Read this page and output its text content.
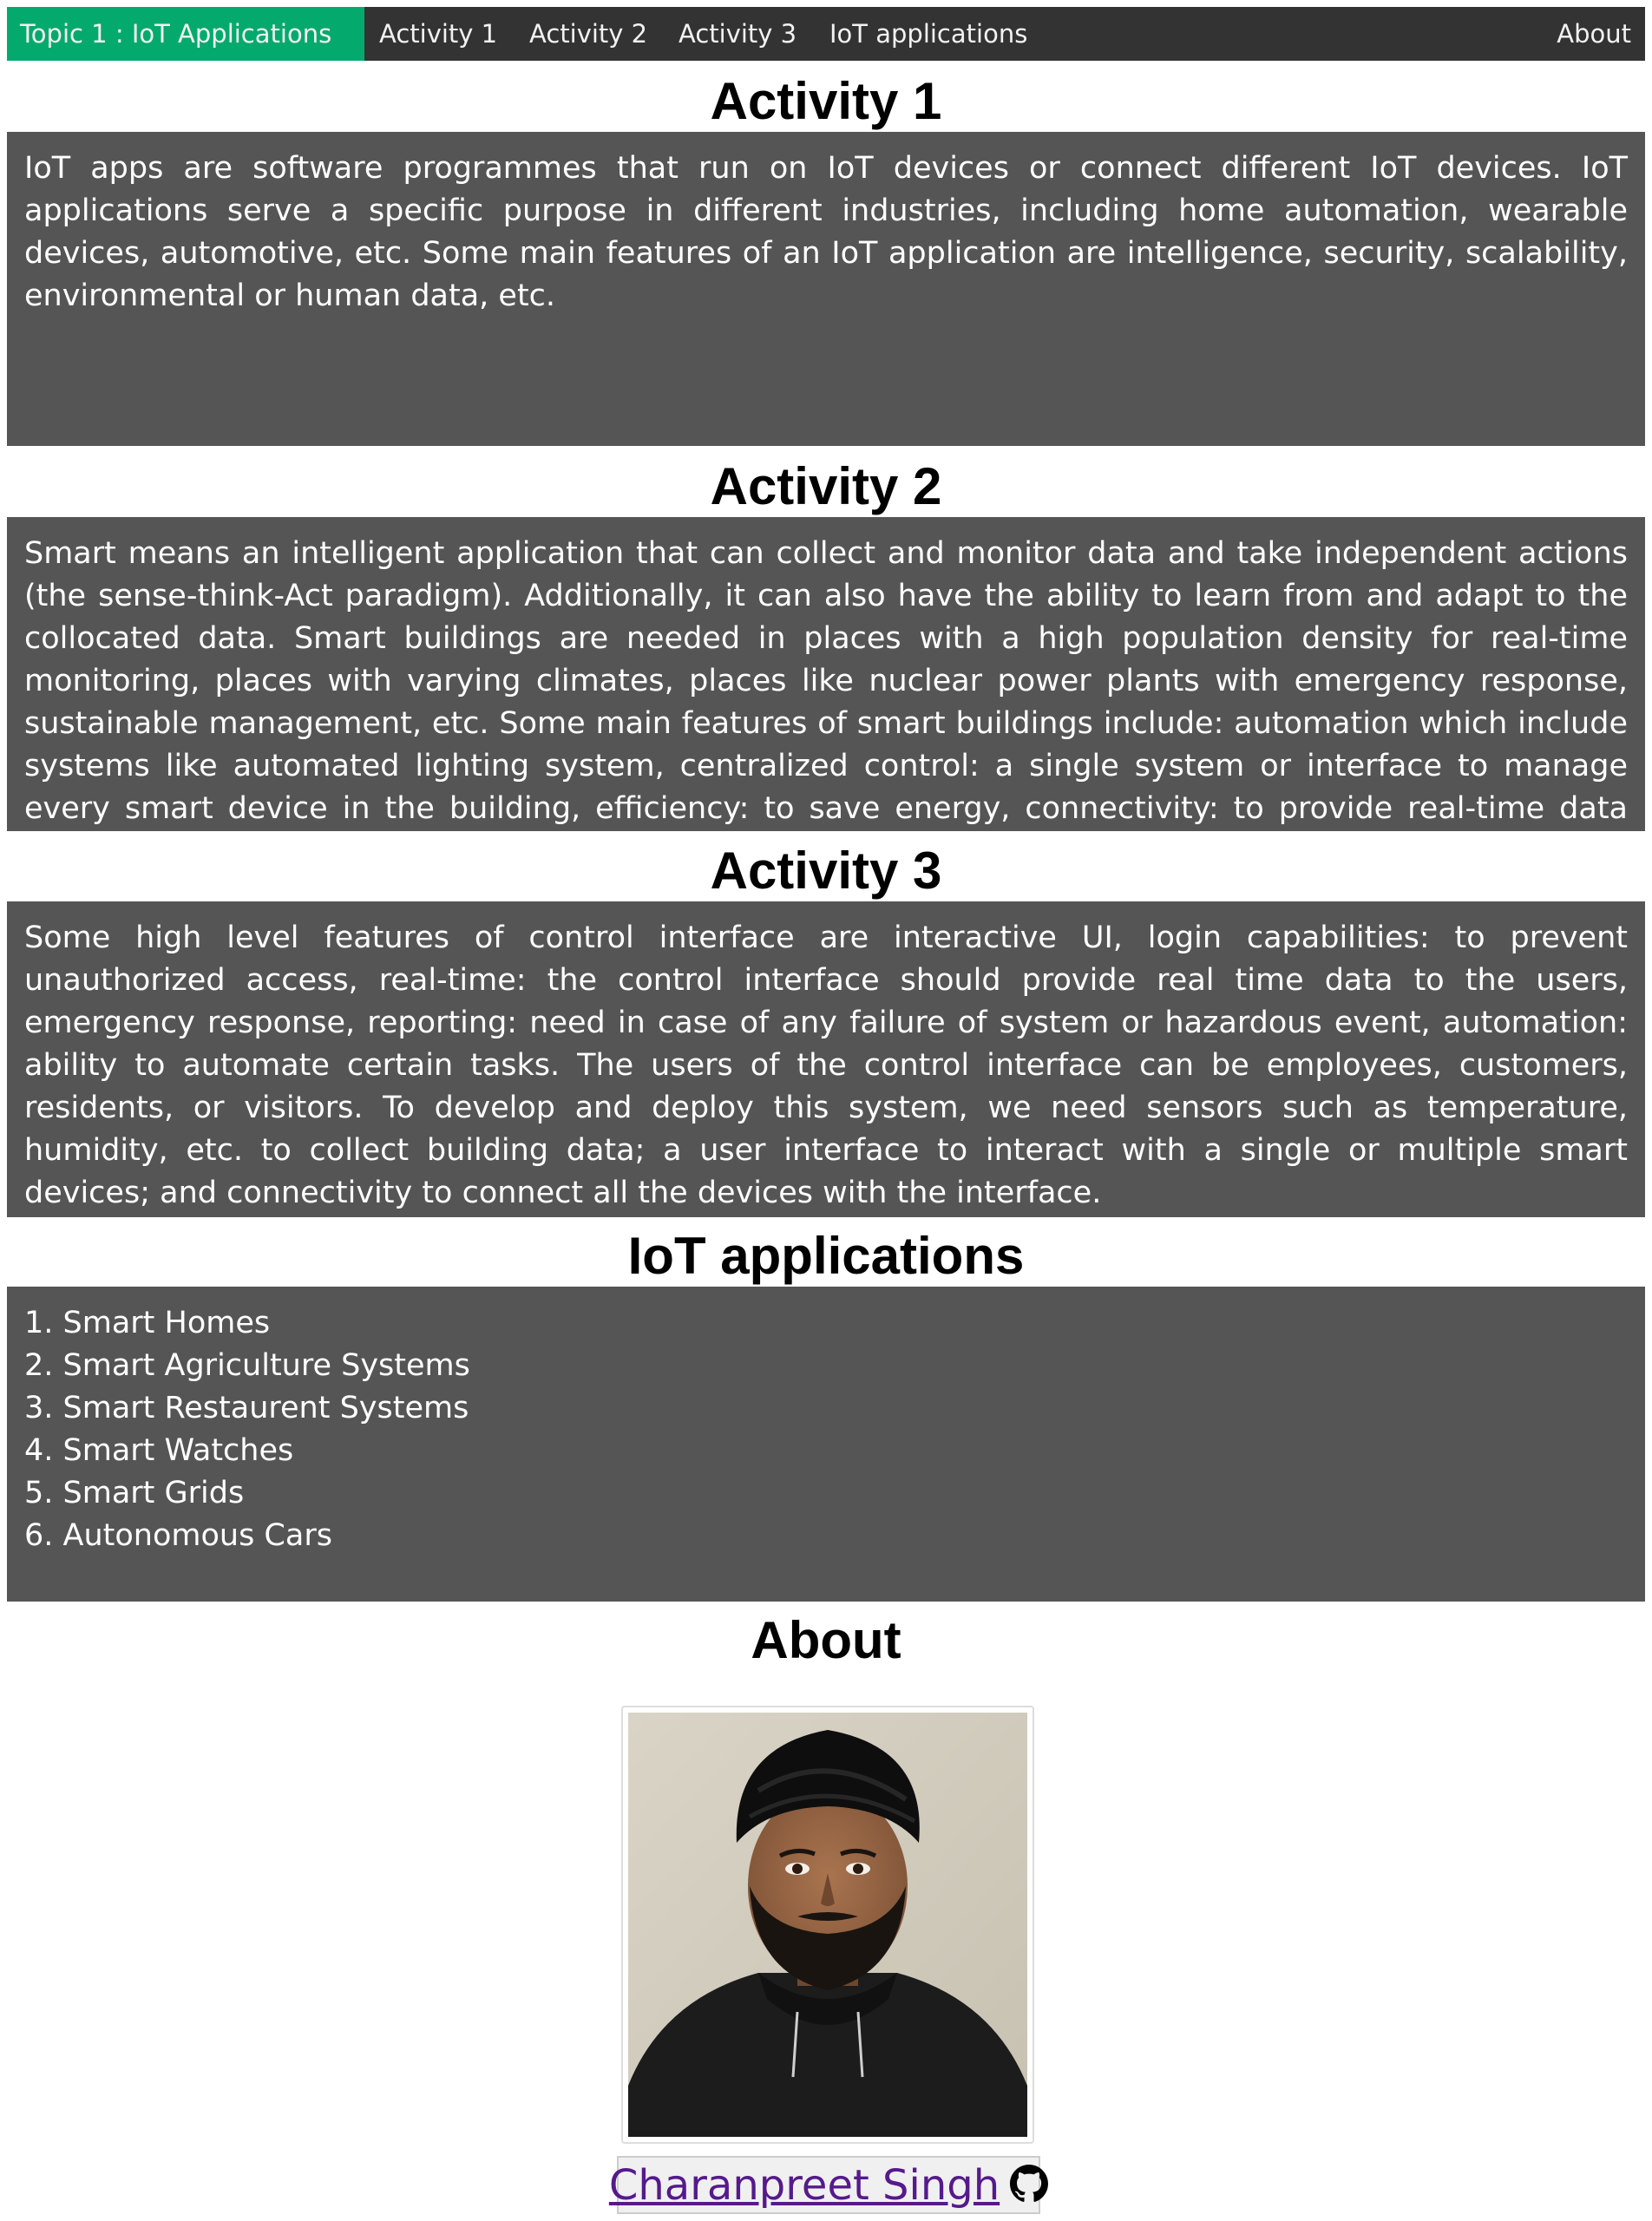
Topic 1 : IoT Applications	Activity 1 Activity 2 Activity 3 IoT applications	About
Activity 1

IoT apps are software programmes that run on IoT devices or connect different IoT devices. IoT applications serve a specific purpose in different industries, including home automation, wearable devices, automotive, etc. Some main features of an IoT application are intelligence, security, scalability, environmental or human data, etc.

Activity 2

Smart means an intelligent application that can collect and monitor data and take independent actions (the sense-think-Act paradigm). Additionally, it can also have the ability to learn from and adapt to the collocated data. Smart buildings are needed in places with a high population density for real-time monitoring, places with varying climates, places like nuclear power plants with emergency response, sustainable management, etc. Some main features of smart buildings include: automation which include systems like automated lighting system, centralized control: a single system or interface to manage every smart device in the building, efficiency: to save energy, connectivity: to provide real-time data collection and processing, security: biometric

Activity 3

Some high level features of control interface are interactive UI, login capabilities: to prevent unauthorized access, real-time: the control interface should provide real time data to the users, emergency response, reporting: need in case of any failure of system or hazardous event, automation: ability to automate certain tasks. The users of the control interface can be employees, customers, residents, or visitors. To develop and deploy this system, we need sensors such as temperature, humidity, etc. to collect building data; a user interface to interact with a single or multiple smart devices; and connectivity to connect all the devices with the interface.

IoT applications
1. Smart Homes
2. Smart Agriculture Systems
3. Smart Restaurent Systems
4. Smart Watches
5. Smart Grids
6. Autonomous Cars
About
Charanpreet Singh
